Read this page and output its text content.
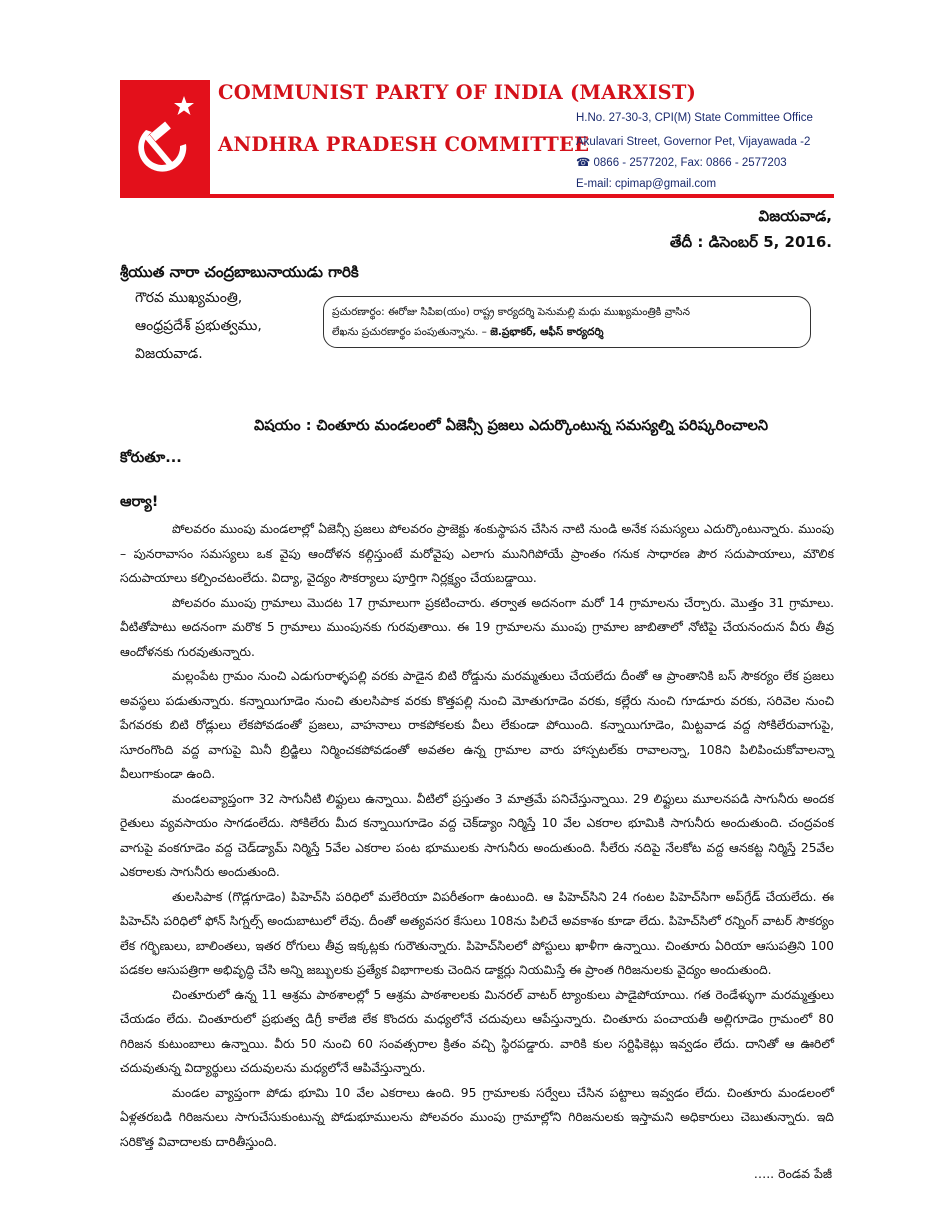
COMMUNIST PARTY OF INDIA (MARXIST)
ANDHRA PRADESH COMMITTEE
H.No. 27-30-3, CPI(M) State Committee Office
Akulavari Street, Governor Pet, Vijayawada -2
☎ 0866 - 2577202, Fax: 0866 - 2577203
E-mail: cpimap@gmail.com
విజయవాడ,
తేదీ : డిసెంబర్ 5, 2016.
శ్రీయుత నారా చంద్రబాబునాయుడు గారికి
గౌరవ ముఖ్యమంత్రి,
ఆంధ్రప్రదేశ్ ప్రభుత్వము,
విజయవాడ.
ప్రచురణార్థం: ఈరోజు సిపిఐ(యం) రాష్ట్ర కార్యదర్శి పెనుమల్లి మధు ముఖ్యమంత్రికి వ్రాసిన
లేఖను ప్రచురణార్థం పంపుతున్నాను. – జె.ప్రభాకర్, ఆఫీస్ కార్యదర్శి
విషయం : చింతూరు మండలంలో ఏజెన్సీ ప్రజలు ఎదుర్కొంటున్న సమస్యల్ని పరిష్కరించాలని
కోరుతూ...
ఆర్యా!

పోలవరం ముంపు మండలాల్లో ఏజెన్సీ ప్రజలు పోలవరం ప్రాజెక్టు శంకుస్థాపన చేసిన నాటి నుండి అనేక సమస్యలు ఎదుర్కొంటున్నారు. ముంపు – పునరావాసం సమస్యలు ఒక వైపు ఆందోళన కల్గిస్తుంటే మరోవైపు ఎలాగు మునిగిపోయే ప్రాంతం గనుక సాధారణ పౌర సదుపాయాలు, మౌలిక సదుపాయాలు కల్పించటంలేదు. విద్యా, వైద్యం సౌకర్యాలు పూర్తిగా నిర్లక్ష్యం చేయబడ్డాయి.

పోలవరం ముంపు గ్రామాలు మొదట 17 గ్రామాలుగా ప్రకటించారు. తర్వాత అదనంగా మరో 14 గ్రామాలను చేర్చారు. మొత్తం 31 గ్రామాలు. వీటితోపాటు అదనంగా మరొక 5 గ్రామాలు ముంపునకు గురవుతాయి. ఈ 19 గ్రామాలను ముంపు గ్రామాల జాబితాలో నోటిపై చేయనందున వీరు తీవ్ర ఆందోళనకు గురవుతున్నారు.

మల్లంపేట గ్రామం నుంచి ఎడుగురాళ్ళపల్లి వరకు పాడైన బిటి రోడ్డును మరమ్మతులు చేయలేదు దీంతో ఆ ప్రాంతానికి బస్ సౌకర్యం లేక ప్రజలు అవస్థలు పడుతున్నారు. కన్నాయిగూడెం నుంచి తులసిపాక వరకు కొత్తపల్లి నుంచి మోతుగూడెం వరకు, కల్లేరు నుంచి గూడూరు వరకు, సరివెల నుంచి పేగవరకు బిటి రోడ్లులు లేకపోవడంతో ప్రజలు, వాహనాలు రాకపోకలకు వీలు లేకుండా పోయింది. కన్నాయిగూడెం, మిట్టవాడ వద్ద సోకిలేరువాగుపై, సూరంగొంది వద్ద వాగుపై మినీ బ్రిడ్జిలు నిర్మించకపోవడంతో అవతల ఉన్న గ్రామాల వారు హాస్పటల్‌కు రావాలన్నా, 108ని పిలిపించుకోవాలన్నా వీలుగాకుండా ఉంది.

మండలవ్యాప్తంగా 32 సాగునీటి లిఫ్టులు ఉన్నాయి. వీటిలో ప్రస్తుతం 3 మాత్రమే పనిచేస్తున్నాయి. 29 లిఫ్టులు మూలనపడి సాగునీరు అందక రైతులు వ్యవసాయం సాగడంలేదు. సోకిలేరు మీద కన్నాయిగూడెం వద్ద చెక్‌డ్యాం నిర్మిస్తే 10 వేల ఎకరాల భూమికి సాగునీరు అందుతుంది. చంద్రవంక వాగుపై వంకగూడెం వద్ద చెడ్‌డ్యామ్ నిర్మిస్తే 5వేల ఎకరాల పంట భూములకు సాగునీరు అందుతుంది. సీలేరు నదిపై నేలకోట వద్ద ఆనకట్ట నిర్మిస్తే 25వేల ఎకరాలకు సాగునీరు అందుతుంది.

తులసిపాక (గొడ్లగూడెం) పిహెచ్‌సి పరిధిలో మలేరియా విపరీతంగా ఉంటుంది. ఆ పిహెచ్‌సిని 24 గంటల పిహెచ్‌సిగా అప్‌గ్రేడ్ చేయలేదు. ఈ పిహెచ్‌సి పరిధిలో ఫోన్ సిగ్నల్స్ అందుబాటులో లేవు. దీంతో అత్యవసర కేసులు 108ను పిలిచే అవకాశం కూడా లేదు. పిహెచ్‌సిలో రన్నింగ్ వాటర్ సౌకర్యం లేక గర్భిణులు, బాలింతలు, ఇతర రోగులు తీవ్ర ఇక్కట్లకు గురౌతున్నారు. పిహెచ్‌సిలలో పోస్టులు ఖాళీగా ఉన్నాయి. చింతూరు ఏరియా ఆసుపత్రిని 100 పడకల ఆసుపత్రిగా అభివృద్ధి చేసి అన్ని జబ్బులకు ప్రత్యేక విభాగాలకు చెందిన డాక్టర్లు నియమిస్తే ఈ ప్రాంత గిరిజనులకు వైద్యం అందుతుంది.

చింతూరులో ఉన్న 11 ఆశ్రమ పాఠశాలల్లో 5 ఆశ్రమ పాఠశాలలకు మినరల్ వాటర్ ట్యాంకులు పాడైపోయాయి. గత రెండేళ్ళుగా మరమ్మత్తులు చేయడం లేదు. చింతూరులో ప్రభుత్వ డిగ్రీ కాలేజి లేక కొందరు మధ్యలోనే చదువులు ఆపేస్తున్నారు. చింతూరు పంచాయతీ అల్లిగూడెం గ్రామంలో 80 గిరిజన కుటుంబాలు ఉన్నాయి. వీరు 50 నుంచి 60 సంవత్సరాల క్రితం వచ్చి స్థిరపడ్డారు. వారికి కుల సర్టిఫికెట్లు ఇవ్వడం లేదు. దానితో ఆ ఊరిలో చదువుతున్న విద్యార్థులు చదువులను మధ్యలోనే ఆపివేస్తున్నారు.

మండల వ్యాప్తంగా పోడు భూమి 10 వేల ఎకరాలు ఉంది. 95 గ్రామాలకు సర్వేలు చేసిన పట్టాలు ఇవ్వడం లేదు. చింతూరు మండలంలో ఏళ్లతరబడి గిరిజనులు సాగుచేసుకుంటున్న పోడుభూములను పోలవరం ముంపు గ్రామాల్లోని గిరిజనులకు ఇస్తామని అధికారులు చెబుతున్నారు. ఇది సరికొత్త వివాదాలకు దారితీస్తుంది.

….. రెండవ పేజీ
